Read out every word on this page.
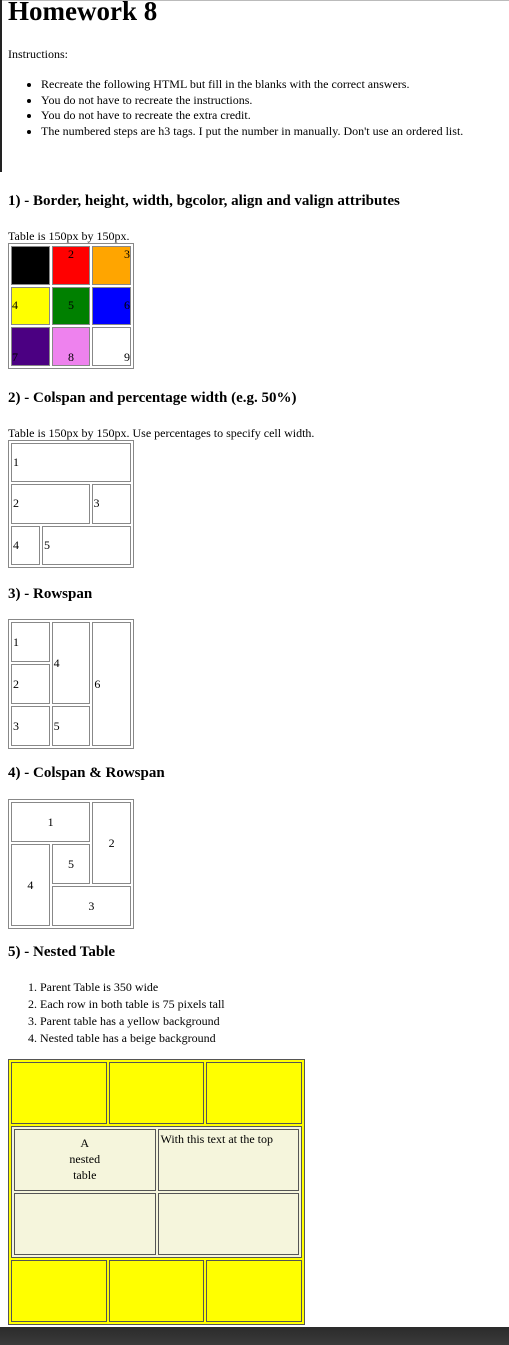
Homework 8
Instructions:
• Recreate the following HTML but fill in the blanks with the correct answers.
• You do not have to recreate the instructions.
• You do not have to recreate the extra credit.
• The numbered steps are h3 tags. I put the number in manually. Don't use an ordered list.
1) - Border, height, width, bgcolor, align and valign attributes
Table is 150px by 150px.
	2	3
4	5	6
7	8	9
2) - Colspan and percentage width (e.g. 50%)
Table is 150px by 150px. Use percentages to specify cell width.
1		
2		3
4	5	
3) - Rowspan
1	4	6
2		
3	5	
4) - Colspan & Rowspan
1		2
4	5	
	3	
5) - Nested Table
1. Parent Table is 350 wide
2. Each row in both table is 75 pixels tall
3. Parent table has a yellow background
4. Nested table has a beige background

A
nested
table	With this text at the top
